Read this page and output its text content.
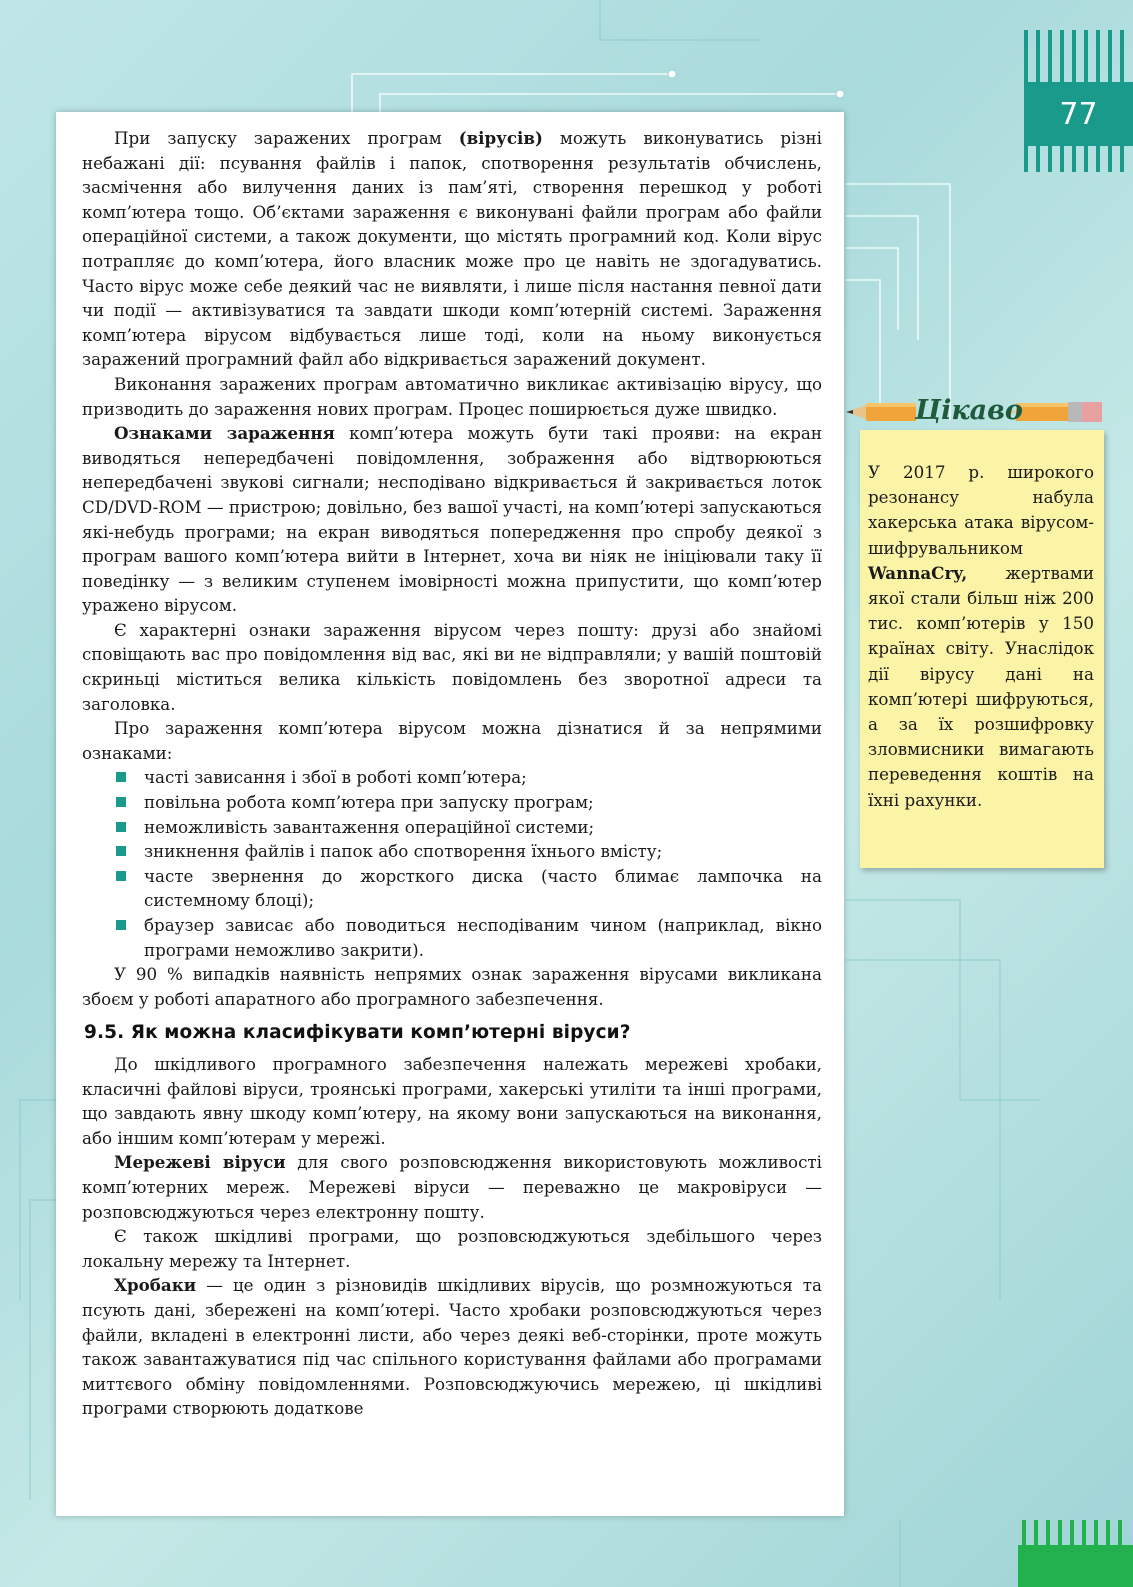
77

При запуску заражених програм (вірусів) можуть виконуватись різні небажані дії: псування файлів і папок, спотворення результатів обчислень, засмічення або вилучення даних із пам’яті, створення перешкод у роботі комп’ютера тощо. Об’єктами зараження є виконувані файли програм або файли операційної системи, а також документи, що містять програмний код. Коли вірус потрапляє до комп’ютера, його власник може про це навіть не здогадуватись. Часто вірус може себе деякий час не виявляти, і лише після настання певної дати чи події — активізуватися та завдати шкоди комп’ютерній системі. Зараження комп’ютера вірусом відбувається лише тоді, коли на ньому виконується заражений програмний файл або відкривається заражений документ.

Виконання заражених програм автоматично викликає активізацію вірусу, що призводить до зараження нових програм. Процес поширюється дуже швидко.

Ознаками зараження комп’ютера можуть бути такі прояви: на екран виводяться непередбачені повідомлення, зображення або відтворюються непередбачені звукові сигнали; несподівано відкривається й закривається лоток CD/DVD-ROM — пристрою; довільно, без вашої участі, на комп’ютері запускаються які-небудь програми; на екран виводяться попередження про спробу деякої з програм вашого комп’ютера вийти в Інтернет, хоча ви ніяк не ініціювали таку її поведінку — з великим ступенем імовірності можна припустити, що комп’ютер уражено вірусом.

Є характерні ознаки зараження вірусом через пошту: друзі або знайомі сповіщають вас про повідомлення від вас, які ви не відправляли; у вашій поштовій скриньці міститься велика кількість повідомлень без зворотної адреси та заголовка.

Про зараження комп’ютера вірусом можна дізнатися й за непрямими ознаками:

часті зависання і збої в роботі комп’ютера;
повільна робота комп’ютера при запуску програм;
неможливість завантаження операційної системи;
зникнення файлів і папок або спотворення їхнього вмісту;
часте звернення до жорсткого диска (часто блимає лампочка на системному блоці);
браузер зависає або поводиться несподіваним чином (наприклад, вікно програми неможливо закрити).

У 90 % випадків наявність непрямих ознак зараження вірусами викликана збоєм у роботі апаратного або програмного забезпечення.

9.5. Як можна класифікувати комп’ютерні віруси?

До шкідливого програмного забезпечення належать мережеві хробаки, класичні файлові віруси, троянські програми, хакерські утиліти та інші програми, що завдають явну шкоду комп’ютеру, на якому вони запускаються на виконання, або іншим комп’ютерам у мережі.

Мережеві віруси для свого розповсюдження використовують можливості комп’ютерних мереж. Мережеві віруси — переважно це макровіруси — розповсюджуються через електронну пошту.

Є також шкідливі програми, що розповсюджуються здебільшого через локальну мережу та Інтернет.

Хробаки — це один з різновидів шкідливих вірусів, що розмножуються та псують дані, збережені на комп’ютері. Часто хробаки розповсюджуються через файли, вкладені в електронні листи, або через деякі веб-сторінки, проте можуть також завантажуватися під час спільного користування файлами або програмами миттєвого обміну повідомленнями. Розповсюджуючись мережею, ці шкідливі програми створюють додаткове

У 2017 р. широкого резонансу набула хакерська атака вірусом-шифрувальником WannaCry, жертвами якої стали більш ніж 200 тис. комп’ютерів у 150 країнах світу. Унаслідок дії вірусу дані на комп’ютері шифруються, а за їх розшифровку зловмисники вимагають переведення коштів на їхні рахунки.
Цікаво
